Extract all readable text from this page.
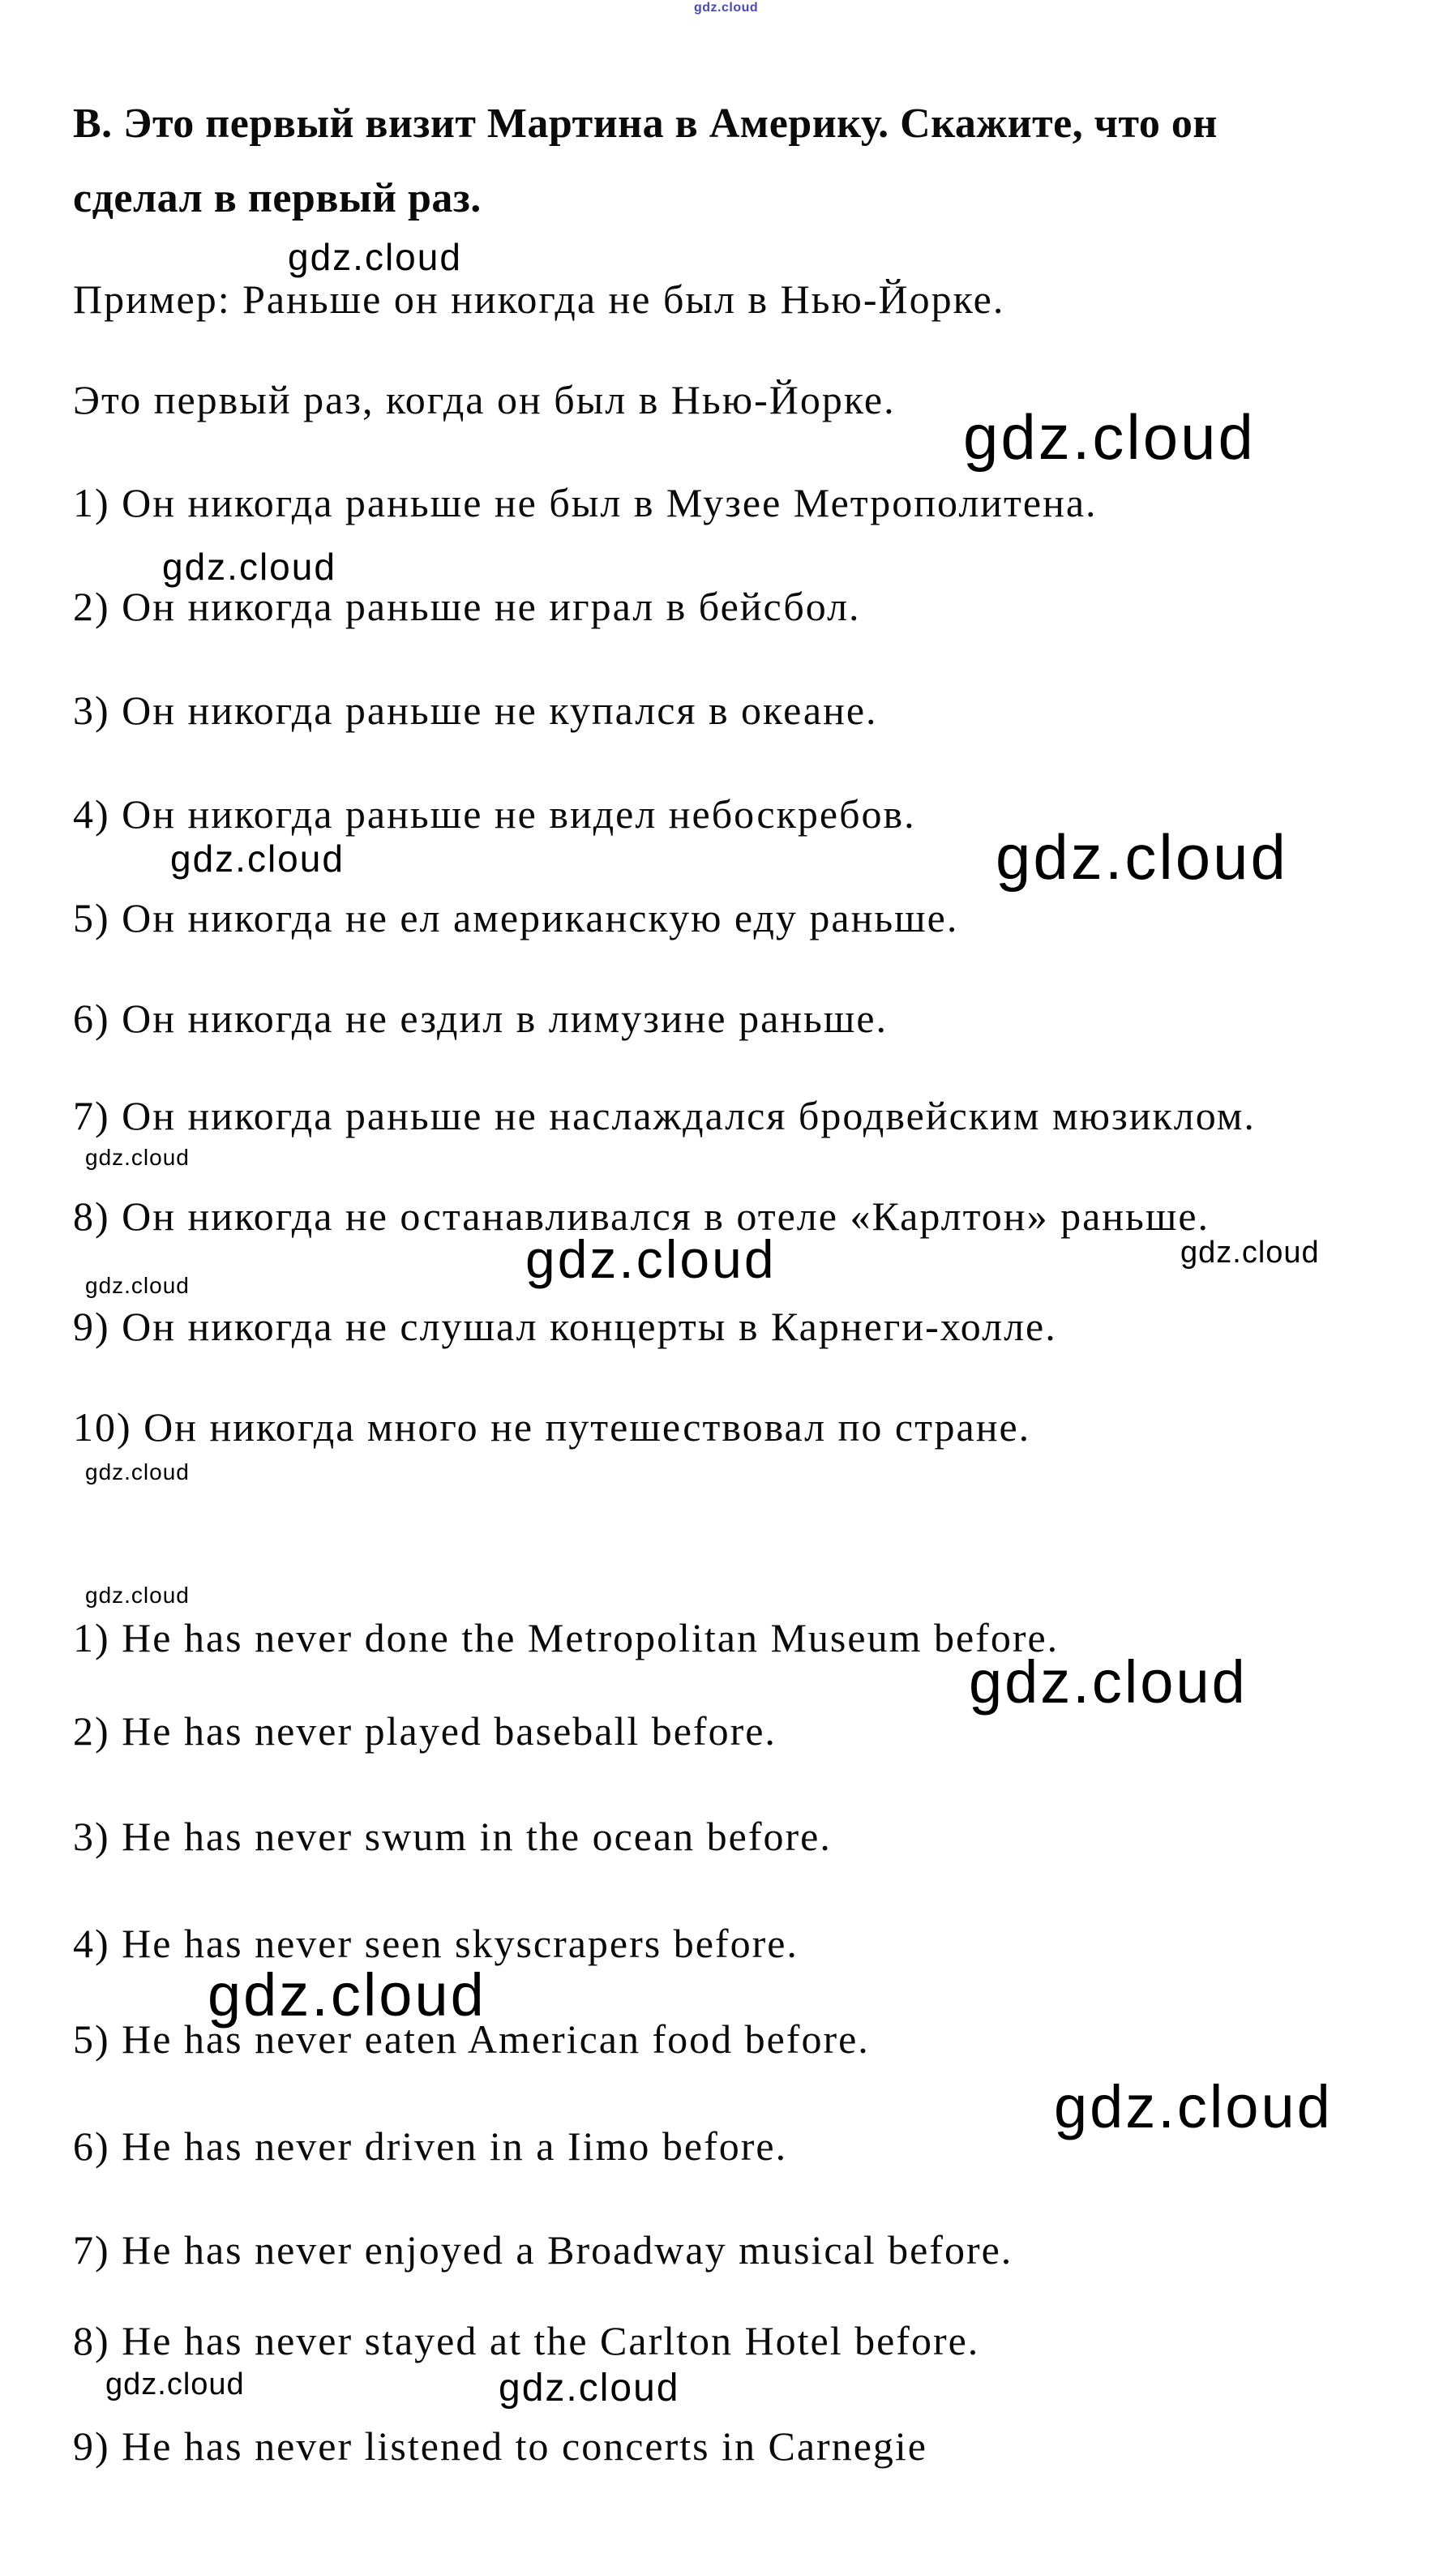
gdz.cloud
gdz.cloud
gdz.cloud
gdz.cloud
gdz.cloud	gdz.cloud
gdz.cloud
gdz.cloud	gdz.cloud
gdz.cloud
gdz.cloud
gdz.cloud
gdz.cloud
gdz.cloud
gdz.cloud
gdz.cloud	gdz.cloud
В. Это первый визит Мартина в Америку. Скажите, что он
сделал в первый раз.
Пример: Раньше он никогда не был в Нью-Йорке.
Это первый раз, когда он был в Нью-Йорке.
1) Он никогда раньше не был в Музее Метрополитена.
2) Он никогда раньше не играл в бейсбол.
3) Он никогда раньше не купался в океане.
4) Он никогда раньше не видел небоскребов.
5) Он никогда не ел американскую еду раньше.
6) Он никогда не ездил в лимузине раньше.
7) Он никогда раньше не наслаждался бродвейским мюзиклом.
8) Он никогда не останавливался в отеле «Карлтон» раньше.
9) Он никогда не слушал концерты в Карнеги-холле.
10) Он никогда много не путешествовал по стране.
1) He has never done the Metropolitan Museum before.
2) He has never played baseball before.
3) He has never swum in the ocean before.
4) He has never seen skyscrapers before.
5) He has never eaten American food before.
6) He has never driven in a Iimo before.
7) He has never enjoyed a Broadway musical before.
8) He has never stayed at the Carlton Hotel before.
9) He has never listened to concerts in Carnegie
